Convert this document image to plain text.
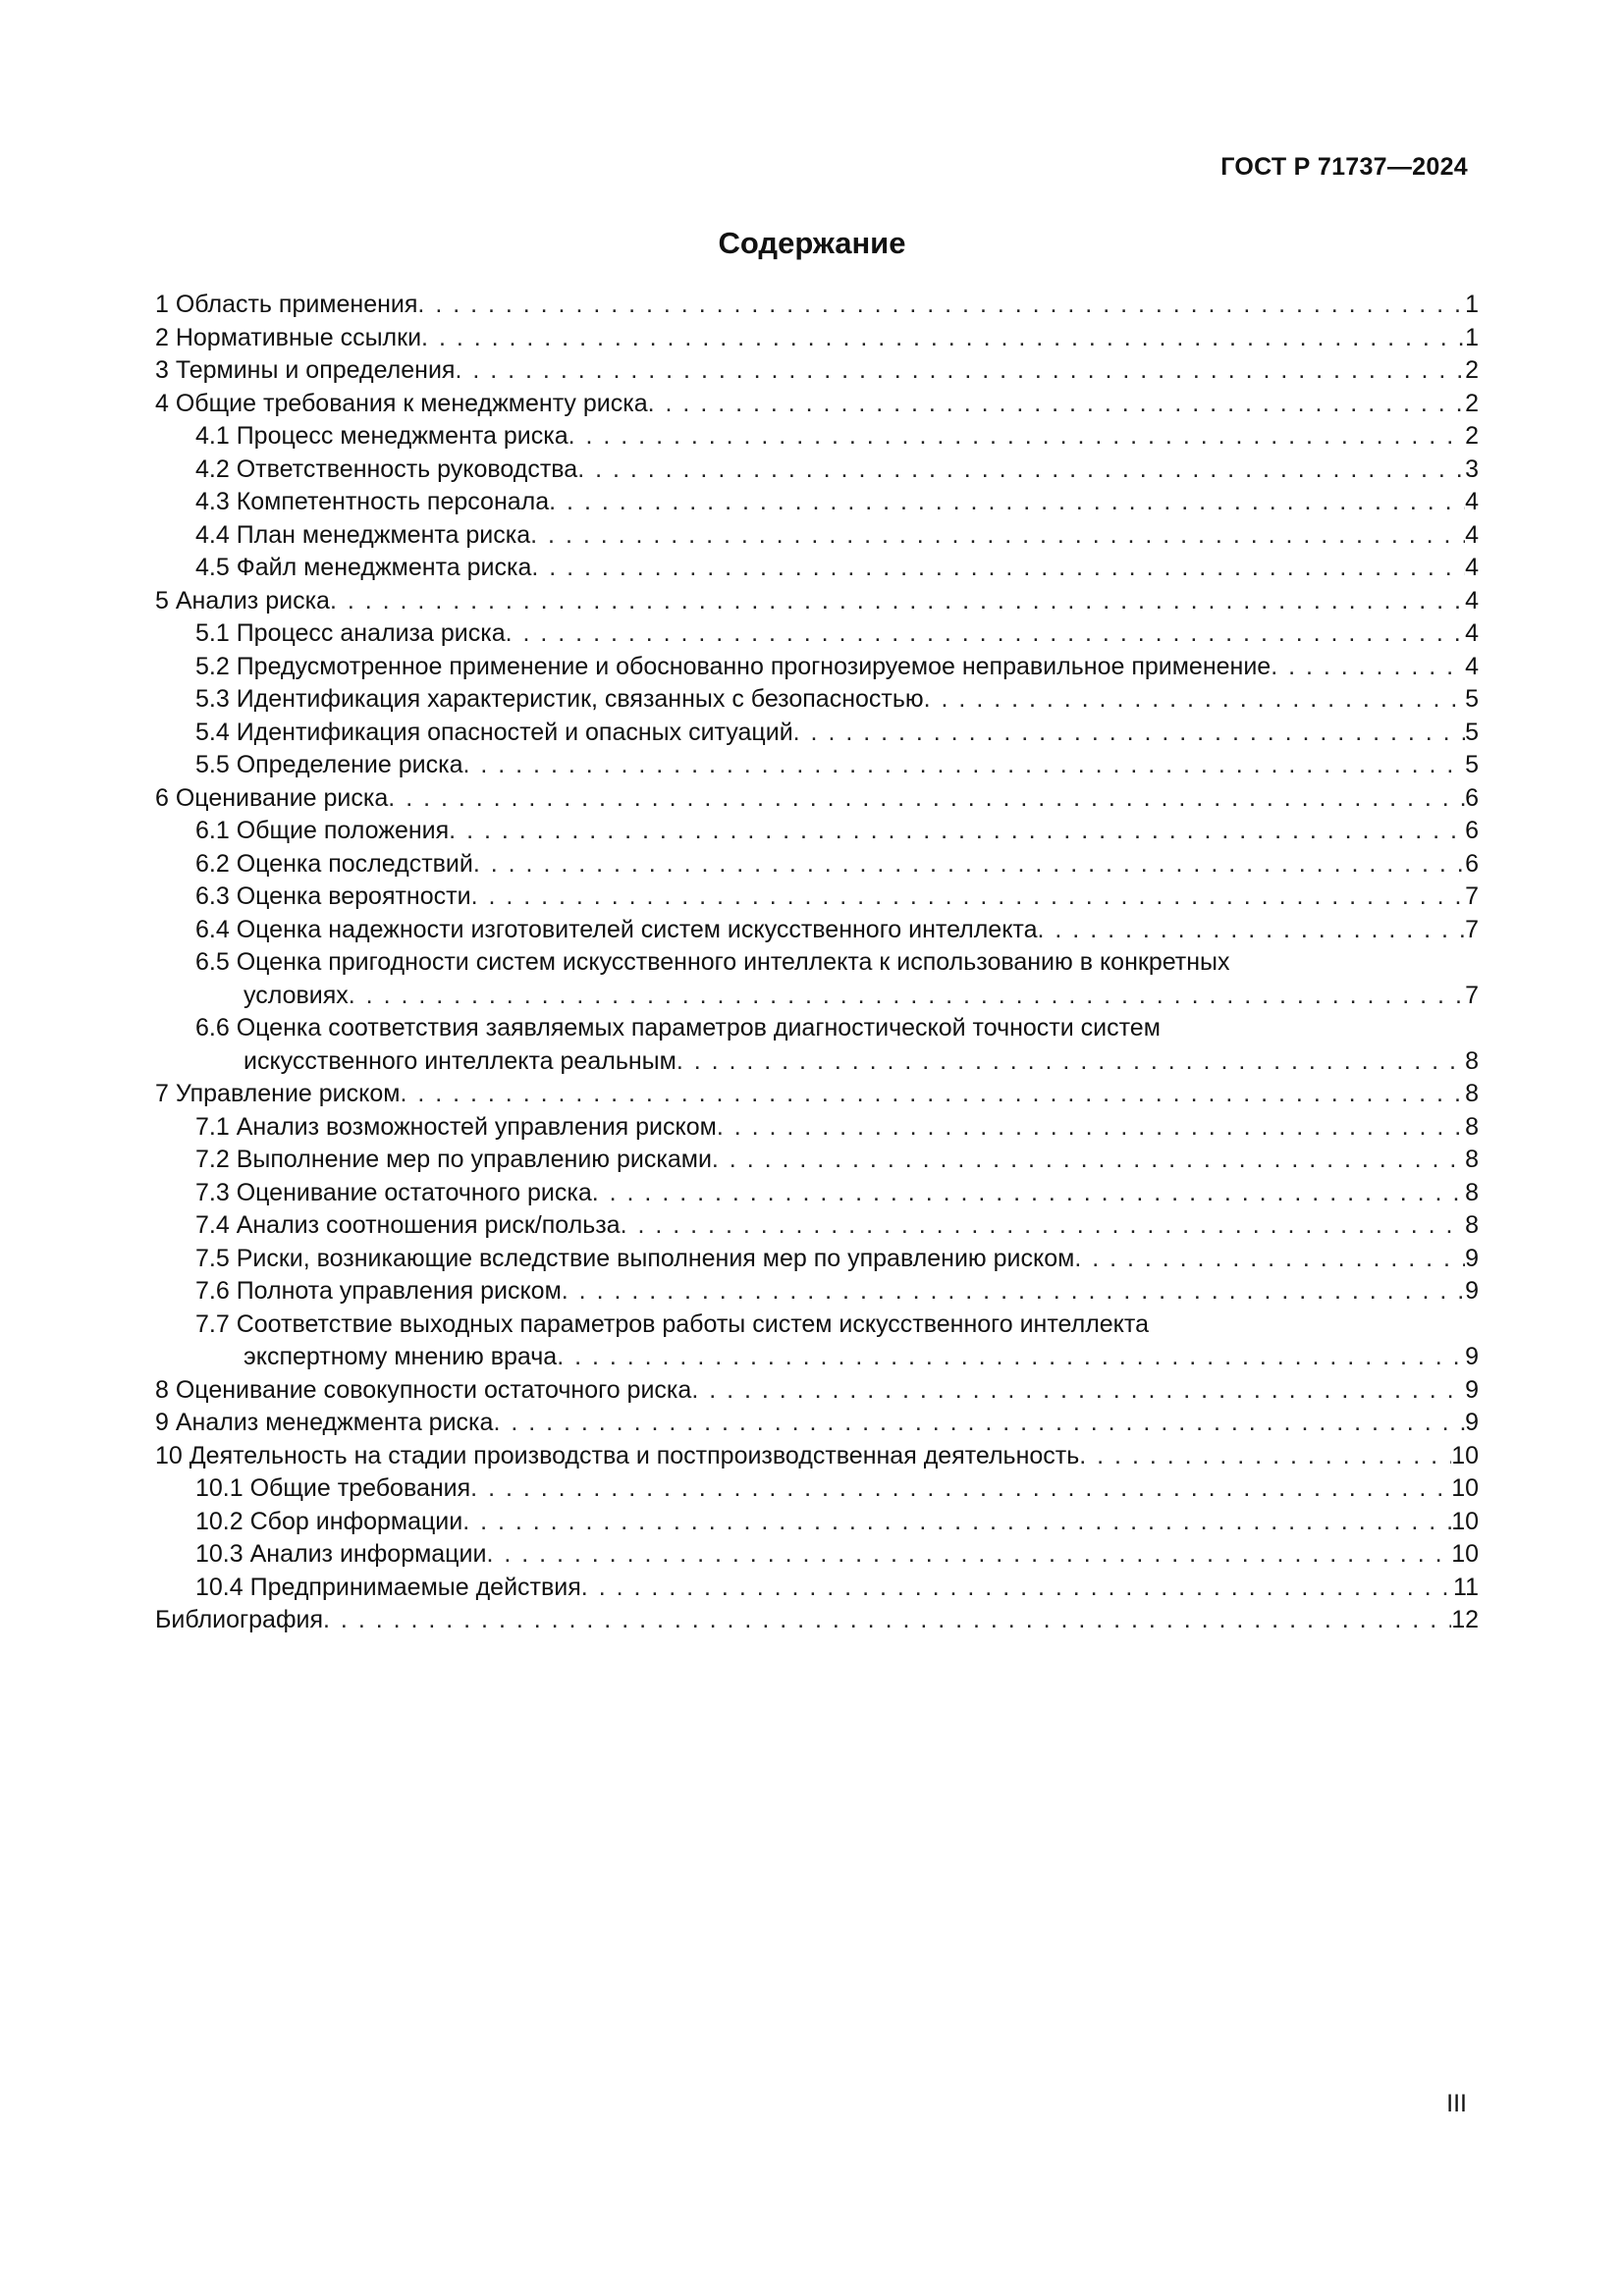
ГОСТ Р 71737—2024
Содержание
1 Область применения . . .	1
2 Нормативные ссылки . . .	1
3 Термины и определения . . .	2
4 Общие требования к менеджменту риска . . .	2
4.1 Процесс менеджмента риска . . .	2
4.2 Ответственность руководства . . .	3
4.3 Компетентность персонала . . .	4
4.4 План менеджмента риска . . .	4
4.5 Файл менеджмента риска . . .	4
5 Анализ риска . . .	4
5.1 Процесс анализа риска . . .	4
5.2 Предусмотренное применение и обоснованно прогнозируемое неправильное применение . . .	4
5.3 Идентификация характеристик, связанных с безопасностью . . .	5
5.4 Идентификация опасностей и опасных ситуаций . . .	5
5.5 Определение риска . . .	5
6 Оценивание риска . . .	6
6.1 Общие положения . . .	6
6.2 Оценка последствий . . .	6
6.3 Оценка вероятности . . .	7
6.4 Оценка надежности изготовителей систем искусственного интеллекта . . .	7
6.5 Оценка пригодности систем искусственного интеллекта к использованию в конкретных
условиях . . .	7
6.6 Оценка соответствия заявляемых параметров диагностической точности систем
искусственного интеллекта реальным . . .	8
7 Управление риском . . .	8
7.1 Анализ возможностей управления риском . . .	8
7.2 Выполнение мер по управлению рисками . . .	8
7.3 Оценивание остаточного риска . . .	8
7.4 Анализ соотношения риск/польза . . .	8
7.5 Риски, возникающие вследствие выполнения мер по управлению риском . . .	9
7.6 Полнота управления риском . . .	9
7.7 Соответствие выходных параметров работы систем искусственного интеллекта
экспертному мнению врача . . .	9
8 Оценивание совокупности остаточного риска . . .	9
9 Анализ менеджмента риска . . .	9
10 Деятельность на стадии производства и постпроизводственная деятельность . . .	10
10.1 Общие требования . . .	10
10.2 Сбор информации . . .	10
10.3 Анализ информации . . .	10
10.4 Предпринимаемые действия . . .	11
Библиография . . .	12
III
